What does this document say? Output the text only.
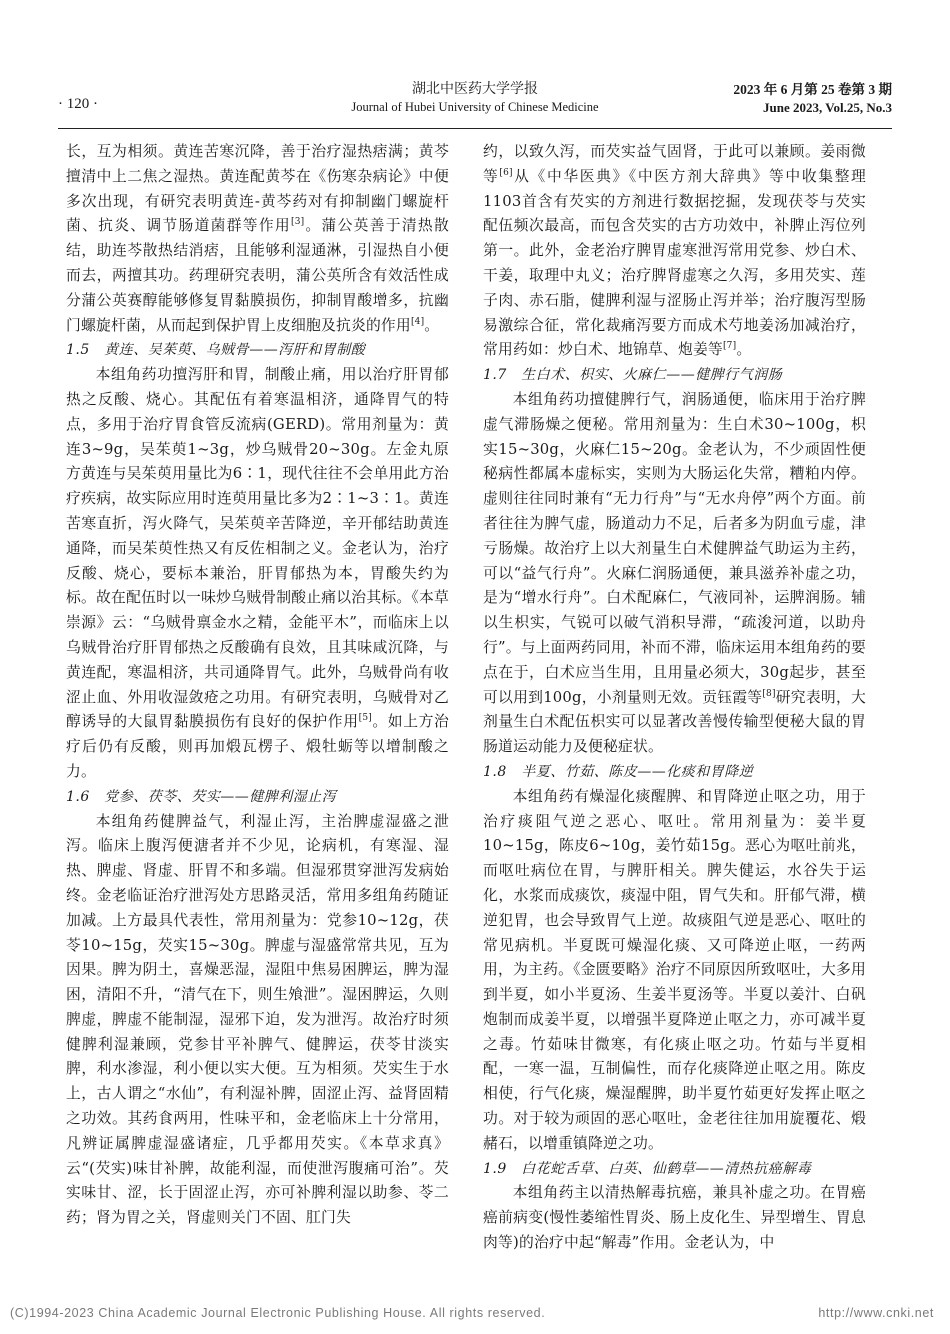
· 120 ·
湖北中医药大学学报
Journal of Hubei University of Chinese Medicine
2023 年 6 月第 25 卷第 3 期
June 2023, Vol.25, No.3

长，互为相须。黄连苦寒沉降，善于治疗湿热痞满；黄芩擅清中上二焦之湿热。黄连配黄芩在《伤寒杂病论》中便多次出现，有研究表明黄连-黄芩药对有抑制幽门螺旋杆菌、抗炎、调节肠道菌群等作用[3]。蒲公英善于清热散结，助连芩散热结消痞，且能够利湿通淋，引湿热自小便而去，两擅其功。药理研究表明，蒲公英所含有效活性成分蒲公英赛醇能够修复胃黏膜损伤，抑制胃酸增多，抗幽门螺旋杆菌，从而起到保护胃上皮细胞及抗炎的作用[4]。

1.5　黄连、吴茱萸、乌贼骨——泻肝和胃制酸

本组角药功擅泻肝和胃，制酸止痛，用以治疗肝胃郁热之反酸、烧心。其配伍有着寒温相济，通降胃气的特点，多用于治疗胃食管反流病(GERD)。常用剂量为：黄连3~9g，吴茱萸1~3g，炒乌贼骨20~30g。左金丸原方黄连与吴茱萸用量比为6∶1，现代往往不会单用此方治疗疾病，故实际应用时连萸用量比多为2∶1~3∶1。黄连苦寒直折，泻火降气，吴茱萸辛苦降逆，辛开郁结助黄连通降，而吴茱萸性热又有反佐相制之义。金老认为，治疗反酸、烧心，要标本兼治，肝胃郁热为本，胃酸失约为标。故在配伍时以一味炒乌贼骨制酸止痛以治其标。《本草崇源》云：“乌贼骨禀金水之精，金能平木”，而临床上以乌贼骨治疗肝胃郁热之反酸确有良效，且其味咸沉降，与黄连配，寒温相济，共司通降胃气。此外，乌贼骨尚有收涩止血、外用收湿敛疮之功用。有研究表明，乌贼骨对乙醇诱导的大鼠胃黏膜损伤有良好的保护作用[5]。如上方治疗后仍有反酸，则再加煅瓦楞子、煅牡蛎等以增制酸之力。

1.6　党参、茯苓、芡实——健脾利湿止泻

本组角药健脾益气，利湿止泻，主治脾虚湿盛之泄泻。临床上腹泻便溏者并不少见，论病机，有寒湿、湿热、脾虚、肾虚、肝胃不和多端。但湿邪贯穿泄泻发病始终。金老临证治疗泄泻处方思路灵活，常用多组角药随证加减。上方最具代表性，常用剂量为：党参10~12g，茯苓10~15g，芡实15~30g。脾虚与湿盛常常共见，互为因果。脾为阴土，喜燥恶湿，湿阻中焦易困脾运，脾为湿困，清阳不升，“清气在下，则生飧泄”。湿困脾运，久则脾虚，脾虚不能制湿，湿邪下迫，发为泄泻。故治疗时须健脾利湿兼顾，党参甘平补脾气、健脾运，茯苓甘淡实脾，利水渗湿，利小便以实大便。互为相须。芡实生于水上，古人谓之“水仙”，有利湿补脾，固涩止泻、益肾固精之功效。其药食两用，性味平和，金老临床上十分常用，凡辨证属脾虚湿盛诸症，几乎都用芡实。《本草求真》云“(芡实)味甘补脾，故能利湿，而使泄泻腹痛可治”。芡实味甘、涩，长于固涩止泻，亦可补脾利湿以助参、苓二药；肾为胃之关，肾虚则关门不固、肛门失

约，以致久泻，而芡实益气固肾，于此可以兼顾。姜雨微等[6]从《中华医典》《中医方剂大辞典》等中收集整理1103首含有芡实的方剂进行数据挖掘，发现茯苓与芡实配伍频次最高，而包含芡实的古方功效中，补脾止泻位列第一。此外，金老治疗脾胃虚寒泄泻常用党参、炒白术、干姜，取理中丸义；治疗脾肾虚寒之久泻，多用芡实、莲子肉、赤石脂，健脾利湿与涩肠止泻并举；治疗腹泻型肠易激综合征，常化裁痛泻要方而成术芍地姜汤加减治疗，常用药如：炒白术、地锦草、炮姜等[7]。

1.7　生白术、枳实、火麻仁——健脾行气润肠

本组角药功擅健脾行气，润肠通便，临床用于治疗脾虚气滞肠燥之便秘。常用剂量为：生白术30~100g，枳实15~30g，火麻仁15~20g。金老认为，不少顽固性便秘病性都属本虚标实，实则为大肠运化失常，糟粕内停。虚则往往同时兼有“无力行舟”与“无水舟停”两个方面。前者往往为脾气虚，肠道动力不足，后者多为阴血亏虚，津亏肠燥。故治疗上以大剂量生白术健脾益气助运为主药，可以“益气行舟”。火麻仁润肠通便，兼具滋养补虚之功，是为“增水行舟”。白术配麻仁，气液同补，运脾润肠。辅以生枳实，气锐可以破气消积导滞，“疏浚河道，以助舟行”。与上面两药同用，补而不滞，临床运用本组角药的要点在于，白术应当生用，且用量必须大，30g起步，甚至可以用到100g，小剂量则无效。贡钰霞等[8]研究表明，大剂量生白术配伍枳实可以显著改善慢传输型便秘大鼠的胃肠道运动能力及便秘症状。

1.8　半夏、竹茹、陈皮——化痰和胃降逆

本组角药有燥湿化痰醒脾、和胃降逆止呕之功，用于治疗痰阻气逆之恶心、呕吐。常用剂量为：姜半夏10~15g，陈皮6~10g，姜竹茹15g。恶心为呕吐前兆，而呕吐病位在胃，与脾肝相关。脾失健运，水谷失于运化，水浆而成痰饮，痰湿中阻，胃气失和。肝郁气滞，横逆犯胃，也会导致胃气上逆。故痰阻气逆是恶心、呕吐的常见病机。半夏既可燥湿化痰、又可降逆止呕，一药两用，为主药。《金匮要略》治疗不同原因所致呕吐，大多用到半夏，如小半夏汤、生姜半夏汤等。半夏以姜汁、白矾炮制而成姜半夏，以增强半夏降逆止呕之力，亦可减半夏之毒。竹茹味甘微寒，有化痰止呕之功。竹茹与半夏相配，一寒一温，互制偏性，而存化痰降逆止呕之用。陈皮相使，行气化痰，燥湿醒脾，助半夏竹茹更好发挥止呕之功。对于较为顽固的恶心呕吐，金老往往加用旋覆花、煅赭石，以增重镇降逆之功。

1.9　白花蛇舌草、白英、仙鹤草——清热抗癌解毒

本组角药主以清热解毒抗癌，兼具补虚之功。在胃癌癌前病变(慢性萎缩性胃炎、肠上皮化生、异型增生、胃息肉等)的治疗中起“解毒”作用。金老认为，中

(C)1994-2023 China Academic Journal Electronic Publishing House. All rights reserved.	http://www.cnki.net
